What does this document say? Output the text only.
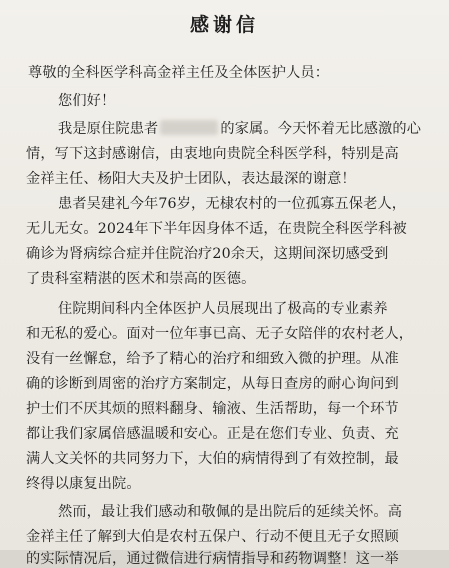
感谢信
尊敬的全科医学科高金祥主任及全体医护人员：
您们好！
我是原住院患者	的家属。今天怀着无比感激的心
情，写下这封感谢信，由衷地向贵院全科医学科，特别是高
金祥主任、杨阳大夫及护士团队，表达最深的谢意！
患者吴建礼今年76岁，无棣农村的一位孤寡五保老人，
无儿无女。2024年下半年因身体不适，在贵院全科医学科被
确诊为肾病综合症并住院治疗20余天，这期间深切感受到
了贵科室精湛的医术和崇高的医德。
住院期间科内全体医护人员展现出了极高的专业素养
和无私的爱心。面对一位年事已高、无子女陪伴的农村老人，
没有一丝懈怠，给予了精心的治疗和细致入微的护理。从准
确的诊断到周密的治疗方案制定，从每日查房的耐心询问到
护士们不厌其烦的照料翻身、输液、生活帮助，每一个环节
都让我们家属倍感温暖和安心。正是在您们专业、负责、充
满人文关怀的共同努力下，大伯的病情得到了有效控制，最
终得以康复出院。
然而，最让我们感动和敬佩的是出院后的延续关怀。高
金祥主任了解到大伯是农村五保户、行动不便且无子女照顾
的实际情况后，通过微信进行病情指导和药物调整！这一举
